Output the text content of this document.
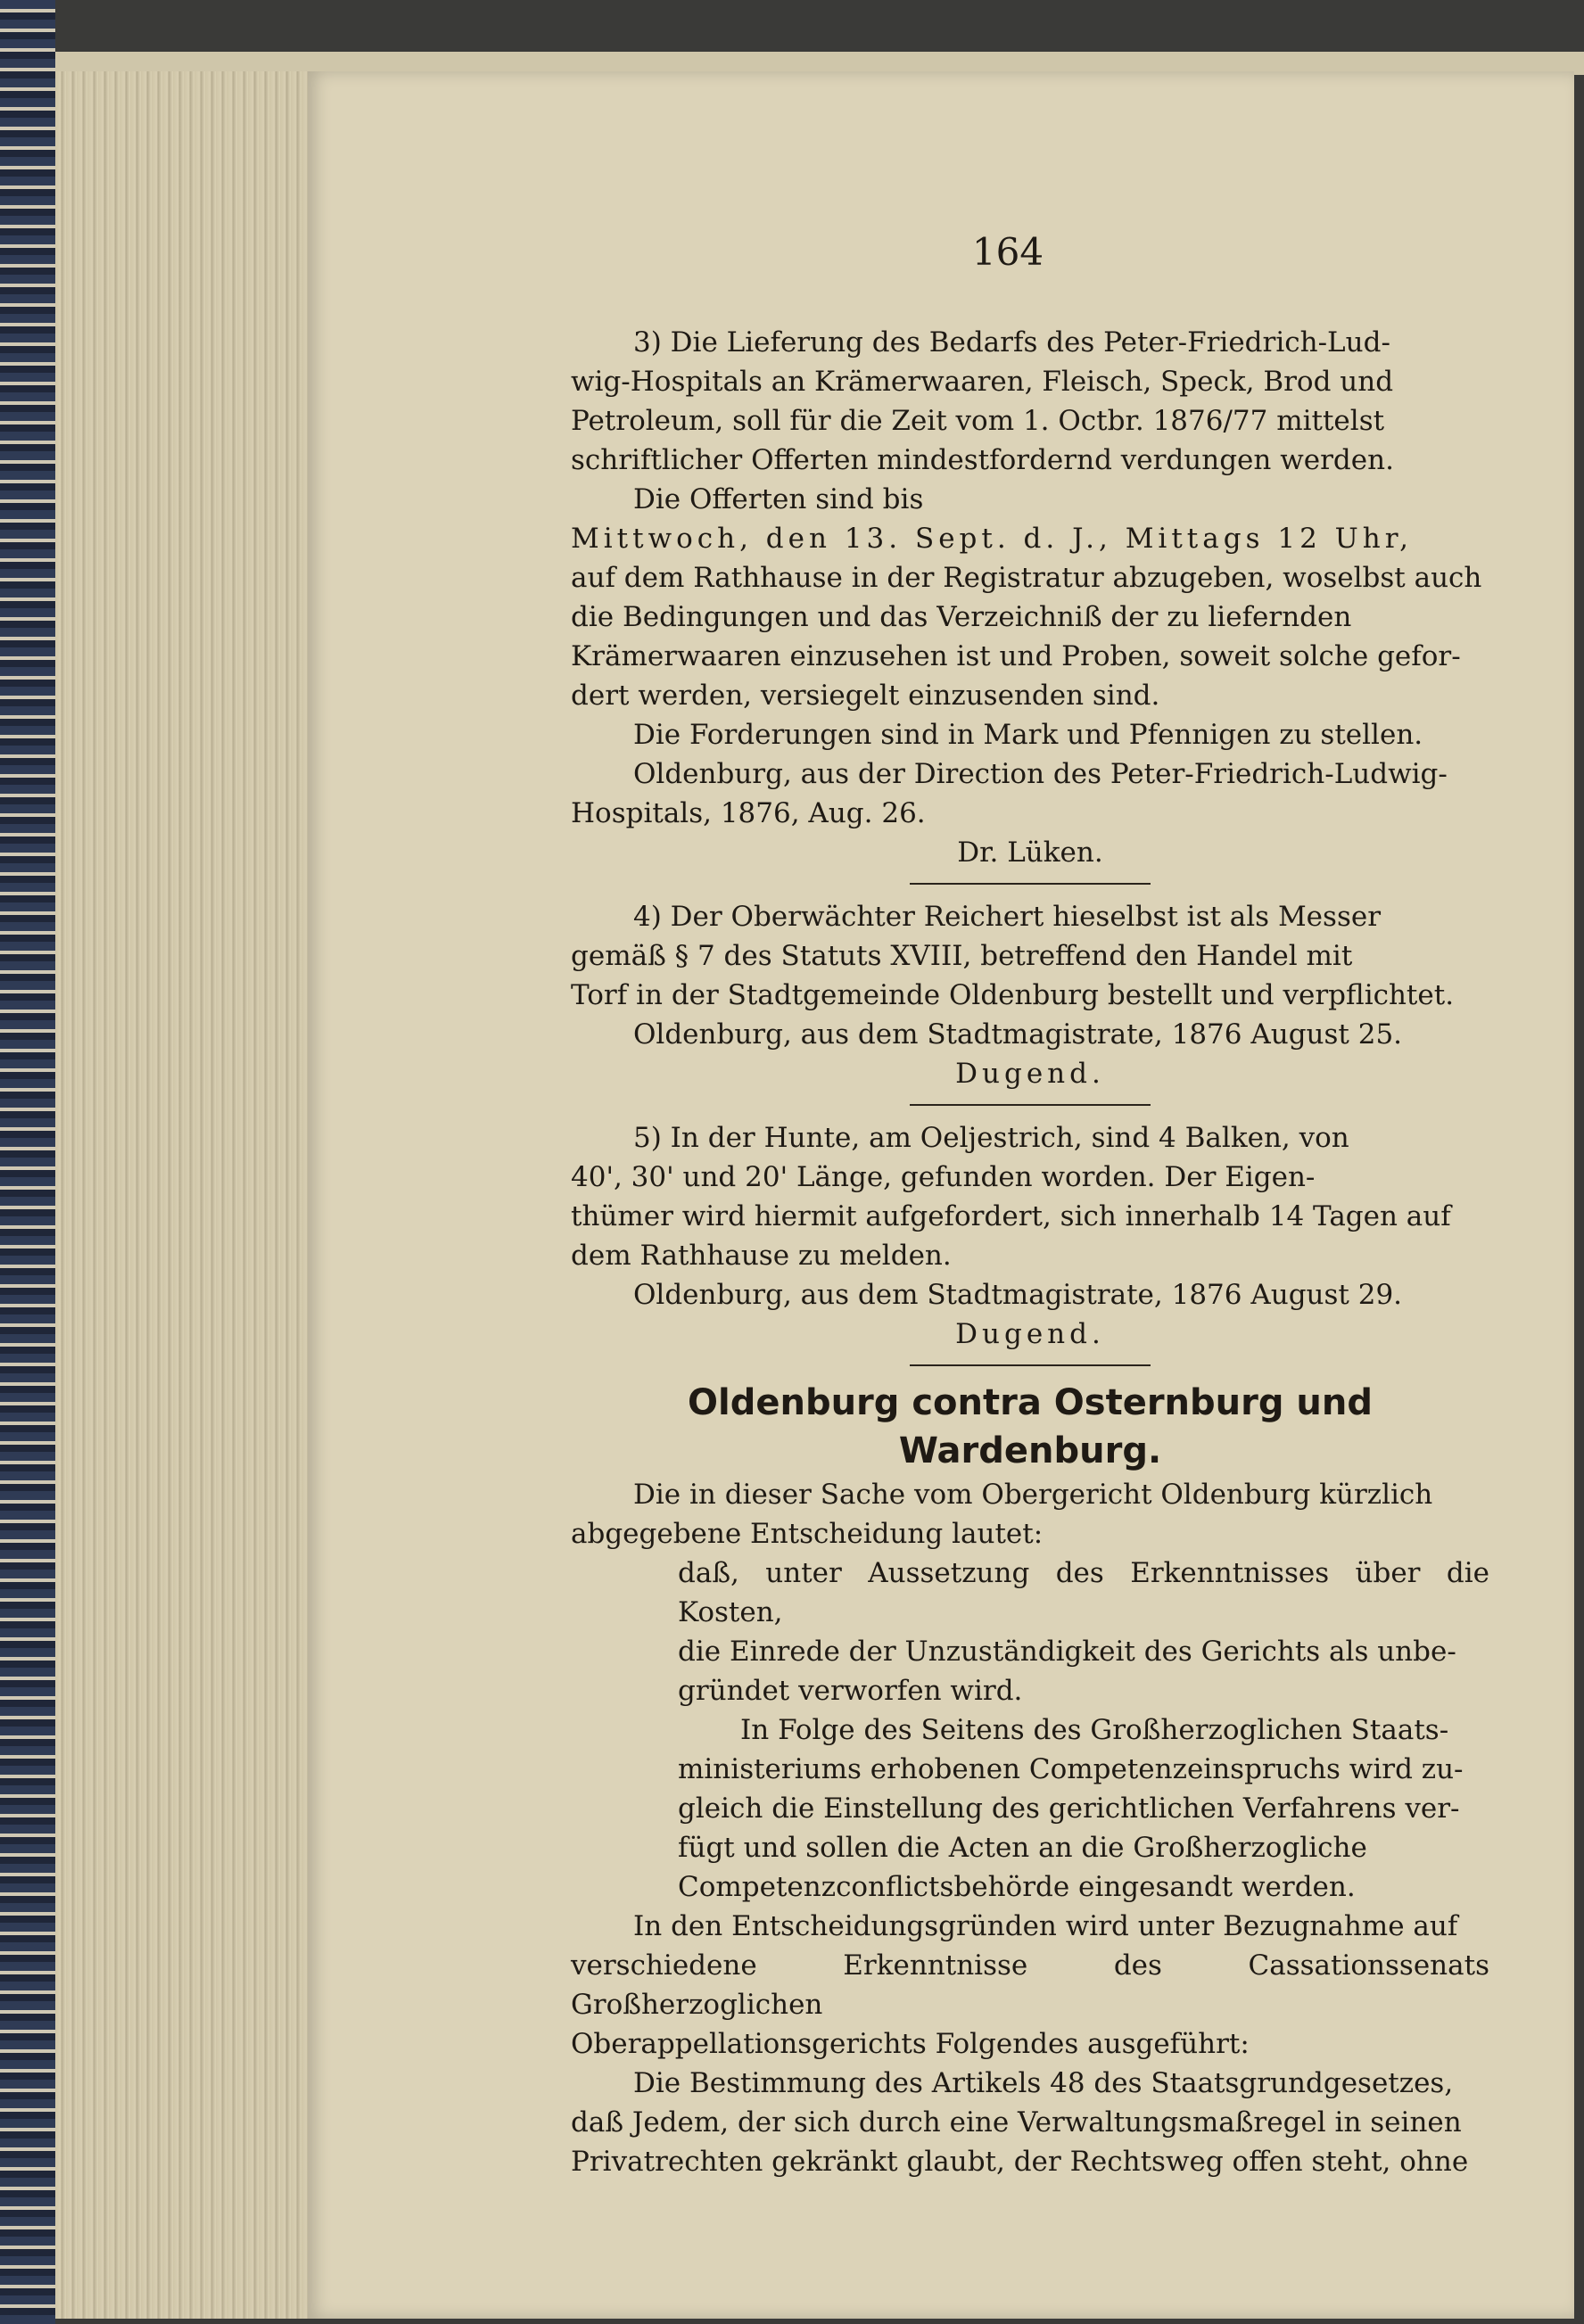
164

3) Die Lieferung des Bedarfs des Peter-Friedrich-Lud-

wig-Hospitals an Krämerwaaren, Fleisch, Speck, Brod und

Petroleum, soll für die Zeit vom 1. Octbr. 1876/77 mittelst

schriftlicher Offerten mindestfordernd verdungen werden.

Die Offerten sind bis

Mittwoch, den 13. Sept. d. J., Mittags 12 Uhr,

auf dem Rathhause in der Registratur abzugeben, woselbst auch

die Bedingungen und das Verzeichniß der zu liefernden

Krämerwaaren einzusehen ist und Proben, soweit solche gefor-

dert werden, versiegelt einzusenden sind.

Die Forderungen sind in Mark und Pfennigen zu stellen.

Oldenburg, aus der Direction des Peter-Friedrich-Ludwig-

Hospitals, 1876, Aug. 26.

Dr. Lüken.

4) Der Oberwächter Reichert hieselbst ist als Messer

gemäß § 7 des Statuts XVIII, betreffend den Handel mit

Torf in der Stadtgemeinde Oldenburg bestellt und verpflichtet.

Oldenburg, aus dem Stadtmagistrate, 1876 August 25.

Dugend.

5) In der Hunte, am Oeljestrich, sind 4 Balken, von

40', 30' und 20' Länge, gefunden worden. Der Eigen-

thümer wird hiermit aufgefordert, sich innerhalb 14 Tagen auf

dem Rathhause zu melden.

Oldenburg, aus dem Stadtmagistrate, 1876 August 29.

Dugend.

Oldenburg contra Osternburg und
Wardenburg.

Die in dieser Sache vom Obergericht Oldenburg kürzlich

abgegebene Entscheidung lautet:

daß, unter Aussetzung des Erkenntnisses über die Kosten,

die Einrede der Unzuständigkeit des Gerichts als unbe-

gründet verworfen wird.

In Folge des Seitens des Großherzoglichen Staats-

ministeriums erhobenen Competenzeinspruchs wird zu-

gleich die Einstellung des gerichtlichen Verfahrens ver-

fügt und sollen die Acten an die Großherzogliche

Competenzconflictsbehörde eingesandt werden.

In den Entscheidungsgründen wird unter Bezugnahme auf

verschiedene Erkenntnisse des Cassationssenats Großherzoglichen

Oberappellationsgerichts Folgendes ausgeführt:

Die Bestimmung des Artikels 48 des Staatsgrundgesetzes,

daß Jedem, der sich durch eine Verwaltungsmaßregel in seinen

Privatrechten gekränkt glaubt, der Rechtsweg offen steht, ohne
